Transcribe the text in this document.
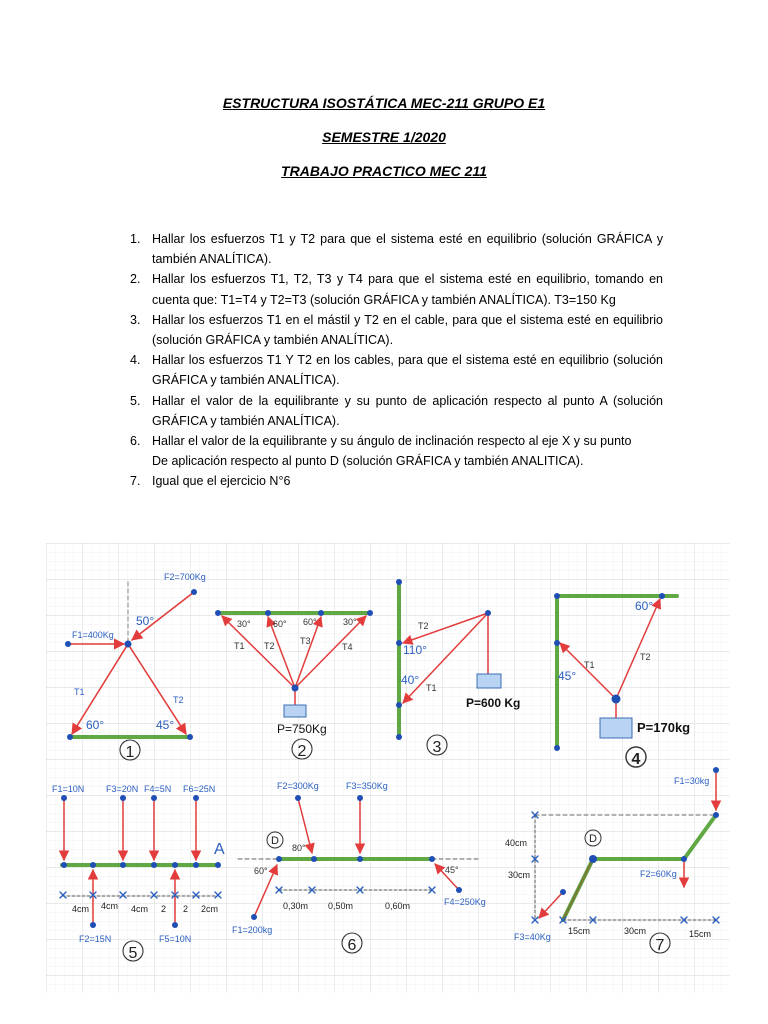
ESTRUCTURA ISOSTÁTICA MEC-211 GRUPO E1
SEMESTRE 1/2020
TRABAJO PRACTICO MEC 211
1. Hallar los esfuerzos T1 y T2 para que el sistema esté en equilibrio (solución GRÁFICA y también ANALÍTICA).
2. Hallar los esfuerzos T1, T2, T3 y T4 para que el sistema esté en equilibrio, tomando en cuenta que: T1=T4 y T2=T3 (solución GRÁFICA y también ANALÍTICA). T3=150 Kg
3. Hallar los esfuerzos T1 en el mástil y T2 en el cable, para que el sistema esté en equilibrio (solución GRÁFICA y también ANALÍTICA).
4. Hallar los esfuerzos T1 Y T2 en los cables, para que el sistema esté en equilibrio (solución GRÁFICA y también ANALÍTICA).
5. Hallar el valor de la equilibrante y su punto de aplicación respecto al punto A (solución GRÁFICA y también ANALÍTICA).
6. Hallar el valor de la equilibrante y su ángulo de inclinación respecto al eje X y su punto
De aplicación respecto al punto D (solución GRÁFICA y también ANALITICA).
7. Igual que el ejercicio N°6
F2=700Kg
F1=400Kg
50°
T1
T2
60°	45°
1
30° 60° 60°	30°
T1 T2	T3
T4
P=750Kg
2
T2
110°
40°
T1
P=600 Kg
3
60°
T1
T2
45°
P=170kg
4
F1=10N F3=20N F4=5N F6=25N
A
4cm 4cm 4cm 2 2 2cm
F2=15N	F5=10N
5
F2=300Kg	F3=350Kg
D
80°
60°	45°
0,30m 0,50m	0,60m
F1=200kg
F4=250Kg
6
F1=30kg
D
40cm
30cm	F2=60Kg
F3=40Kg
15cm	30cm	15cm
7
